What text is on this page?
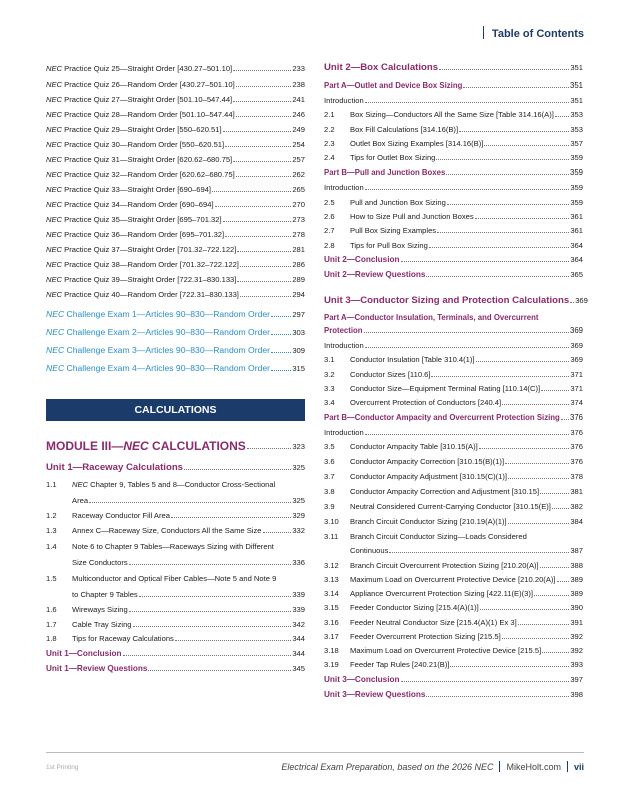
Table of Contents
NEC Practice Quiz 25—Straight Order [430.27–501.10]	233
NEC Practice Quiz 26—Random Order [430.27–501.10]	238
NEC Practice Quiz 27—Straight Order [501.10–547.44]	241
NEC Practice Quiz 28—Random Order [501.10–547.44]	246
NEC Practice Quiz 29—Straight Order [550–620.51]	249
NEC Practice Quiz 30—Random Order [550–620.51]	254
NEC Practice Quiz 31—Straight Order [620.62–680.75]	257
NEC Practice Quiz 32—Random Order [620.62–680.75]	262
NEC Practice Quiz 33—Straight Order [690–694]	265
NEC Practice Quiz 34—Random Order [690–694]	270
NEC Practice Quiz 35—Straight Order [695–701.32]	273
NEC Practice Quiz 36—Random Order [695–701.32]	278
NEC Practice Quiz 37—Straight Order [701.32–722.122]	281
NEC Practice Quiz 38—Random Order [701.32–722.122]	286
NEC Practice Quiz 39—Straight Order [722.31–830.133]	289
NEC Practice Quiz 40—Random Order [722.31–830.133]	294
NEC Challenge Exam 1—Articles 90–830—Random Order	297
NEC Challenge Exam 2—Articles 90–830—Random Order	303
NEC Challenge Exam 3—Articles 90–830—Random Order	309
NEC Challenge Exam 4—Articles 90–830—Random Order	315
MODULE III—NEC CALCULATIONS	323
Unit 1—Raceway Calculations	325
1.1	NEC Chapter 9, Tables 5 and 8—Conductor Cross-Sectional
Area	325
1.2	Raceway Conductor Fill Area	329
1.3	Annex C—Raceway Size, Conductors All the Same Size	332
1.4	Note 6 to Chapter 9 Tables—Raceways Sizing with Different
Size Conductors	336
1.5	Multiconductor and Optical Fiber Cables—Note 5 and Note 9
to Chapter 9 Tables	339
1.6	Wireways Sizing	339
1.7	Cable Tray Sizing	342
1.8	Tips for Raceway Calculations	344
Unit 1—Conclusion	344
Unit 1—Review Questions	345
CALCULATIONS
Unit 2—Box Calculations	351
Part A—Outlet and Device Box Sizing	351
Introduction	351
2.1	Box Sizing—Conductors All the Same Size [Table 314.16(A)] 353
2.2	Box Fill Calculations [314.16(B)]	353
2.3	Outlet Box Sizing Examples [314.16(B)]	357
2.4	Tips for Outlet Box Sizing	359
Part B—Pull and Junction Boxes	359
Introduction	359
2.5	Pull and Junction Box Sizing	359
2.6	How to Size Pull and Junction Boxes	361
2.7	Pull Box Sizing Examples	361
2.8	Tips for Pull Box Sizing	364
Unit 2—Conclusion	364
Unit 2—Review Questions	365
Unit 3—Conductor Sizing and Protection Calculations 369
Part A—Conductor Insulation, Terminals, and Overcurrent
Protection	369
Introduction	369
3.1	Conductor Insulation [Table 310.4(1)]	369
3.2	Conductor Sizes [110.6]	371
3.3	Conductor Size—Equipment Terminal Rating [110.14(C)]	371
3.4	Overcurrent Protection of Conductors [240.4]	374
Part B—Conductor Ampacity and Overcurrent Protection Sizing 376
Introduction	376
3.5	Conductor Ampacity Table [310.15(A)]	376
3.6	Conductor Ampacity Correction [310.15(B)(1)]	376
3.7	Conductor Ampacity Adjustment [310.15(C)(1)]	378
3.8	Conductor Ampacity Correction and Adjustment [310.15]	381
3.9	Neutral Considered Current-Carrying Conductor [310.15(E)]	382
3.10	Branch Circuit Conductor Sizing [210.19(A)(1)]	384
3.11	Branch Circuit Conductor Sizing—Loads Considered
Continuous	387
3.12	Branch Circuit Overcurrent Protection Sizing [210.20(A)]	388
3.13	Maximum Load on Overcurrent Protective Device [210.20(A)] 389
3.14	Appliance Overcurrent Protection Sizing [422.11(E)(3)]	389
3.15	Feeder Conductor Sizing [215.4(A)(1)]	390
3.16	Feeder Neutral Conductor Size [215.4(A)(1) Ex 3]	391
3.17	Feeder Overcurrent Protection Sizing [215.5]	392
3.18	Maximum Load on Overcurrent Protective Device [215.5]	392
3.19	Feeder Tap Rules [240.21(B)]	393
Unit 3—Conclusion	397
Unit 3—Review Questions	398
1st Printing	Electrical Exam Preparation, based on the 2026 NEC MikeHolt.com vii
